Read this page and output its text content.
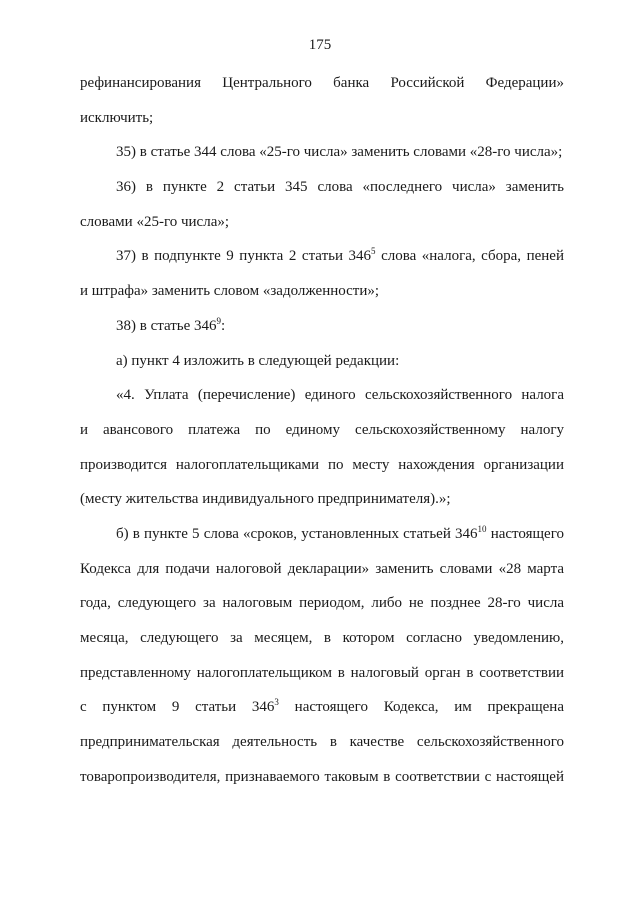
175
рефинансирования Центрального банка Российской Федерации»
исключить;
35) в статье 344 слова «25-го числа» заменить словами «28-го числа»;
36) в пункте 2 статьи 345 слова «последнего числа» заменить
словами «25-го числа»;
37) в подпункте 9 пункта 2 статьи $346^5$ слова «налога, сбора, пеней
и штрафа» заменить словом «задолженности»;
38) в статье $346^9$:
а) пункт 4 изложить в следующей редакции:
«4. Уплата (перечисление) единого сельскохозяйственного налога
и авансового платежа по единому сельскохозяйственному налогу
производится налогоплательщиками по месту нахождения организации
(месту жительства индивидуального предпринимателя).»;
б) в пункте 5 слова «сроков, установленных статьей $346^{10}$ настоящего
Кодекса для подачи налоговой декларации» заменить словами «28 марта
года, следующего за налоговым периодом, либо не позднее 28-го числа
месяца, следующего за месяцем, в котором согласно уведомлению,
представленному налогоплательщиком в налоговый орган в соответствии
с пунктом 9 статьи $346^3$ настоящего Кодекса, им прекращена
предпринимательская деятельность в качестве сельскохозяйственного
товаропроизводителя, признаваемого таковым в соответствии с настоящей
